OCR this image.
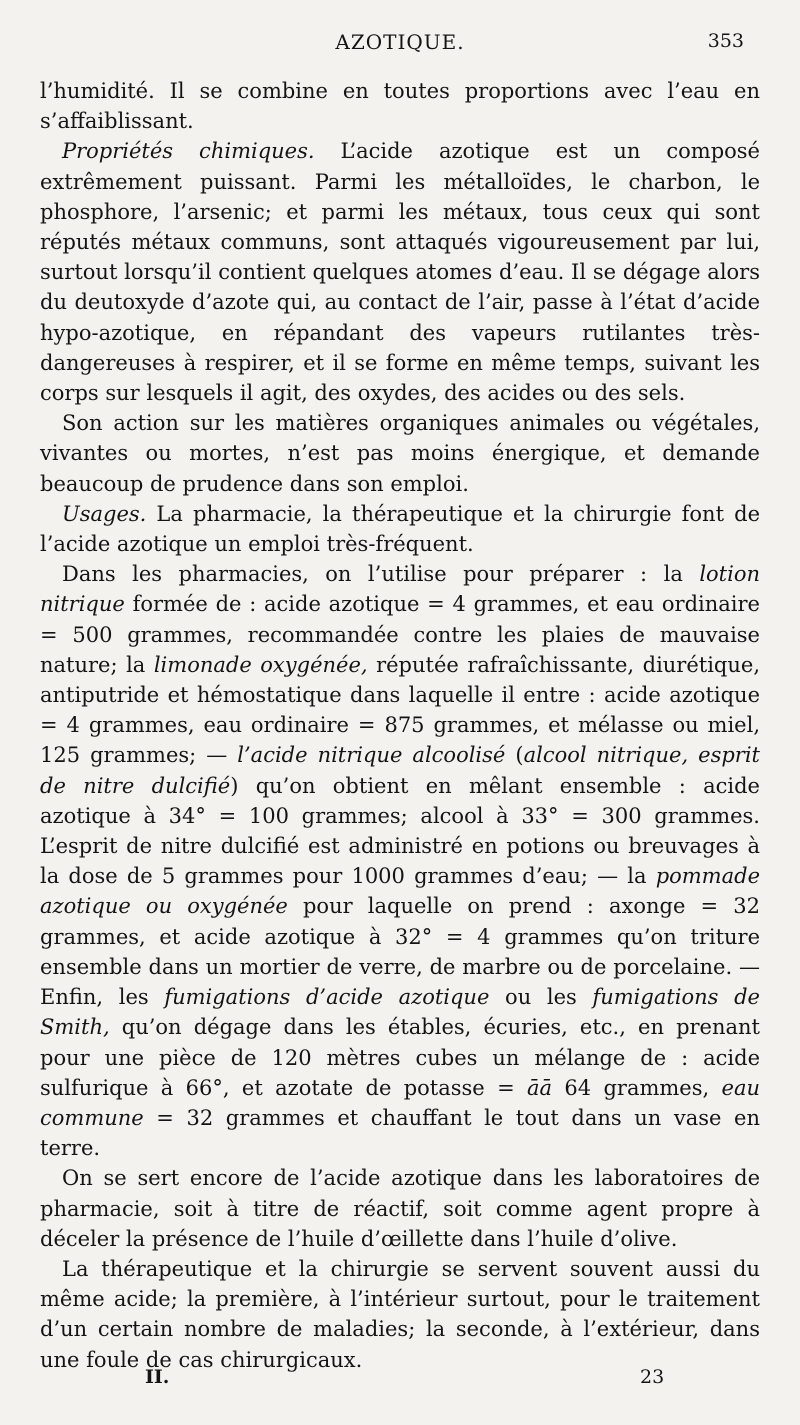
AZOTIQUE.	353

l’humidité. Il se combine en toutes proportions avec l’eau en s’affaiblissant.

Propriétés chimiques. L’acide azotique est un composé extrêmement puissant. Parmi les métalloïdes, le charbon, le phosphore, l’arsenic; et parmi les métaux, tous ceux qui sont réputés métaux communs, sont attaqués vigoureusement par lui, surtout lorsqu’il contient quelques atomes d’eau. Il se dégage alors du deutoxyde d’azote qui, au contact de l’air, passe à l’état d’acide hypo-azotique, en répandant des vapeurs rutilantes très-dangereuses à respirer, et il se forme en même temps, suivant les corps sur lesquels il agit, des oxydes, des acides ou des sels.

Son action sur les matières organiques animales ou végétales, vivantes ou mortes, n’est pas moins énergique, et demande beaucoup de prudence dans son emploi.

Usages. La pharmacie, la thérapeutique et la chirurgie font de l’acide azotique un emploi très-fréquent.

Dans les pharmacies, on l’utilise pour préparer : la lotion nitrique formée de : acide azotique = 4 grammes, et eau ordinaire = 500 grammes, recommandée contre les plaies de mauvaise nature; la limonade oxygénée, réputée rafraîchissante, diurétique, antiputride et hémostatique dans laquelle il entre : acide azotique = 4 grammes, eau ordinaire = 875 grammes, et mélasse ou miel, 125 grammes; — l’acide nitrique alcoolisé (alcool nitrique, esprit de nitre dulcifié) qu’on obtient en mêlant ensemble : acide azotique à 34° = 100 grammes; alcool à 33° = 300 grammes. L’esprit de nitre dulcifié est administré en potions ou breuvages à la dose de 5 grammes pour 1000 grammes d’eau; — la pommade azotique ou oxygénée pour laquelle on prend : axonge = 32 grammes, et acide azotique à 32° = 4 grammes qu’on triture ensemble dans un mortier de verre, de marbre ou de porcelaine. — Enfin, les fumigations d’acide azotique ou les fumigations de Smith, qu’on dégage dans les étables, écuries, etc., en prenant pour une pièce de 120 mètres cubes un mélange de : acide sulfurique à 66°, et azotate de potasse = āā 64 grammes, eau commune = 32 grammes et chauffant le tout dans un vase en terre.

On se sert encore de l’acide azotique dans les laboratoires de pharmacie, soit à titre de réactif, soit comme agent propre à déceler la présence de l’huile d’œillette dans l’huile d’olive.

La thérapeutique et la chirurgie se servent souvent aussi du même acide; la première, à l’intérieur surtout, pour le traitement d’un certain nombre de maladies; la seconde, à l’extérieur, dans une foule de cas chirurgicaux.

II.	23
